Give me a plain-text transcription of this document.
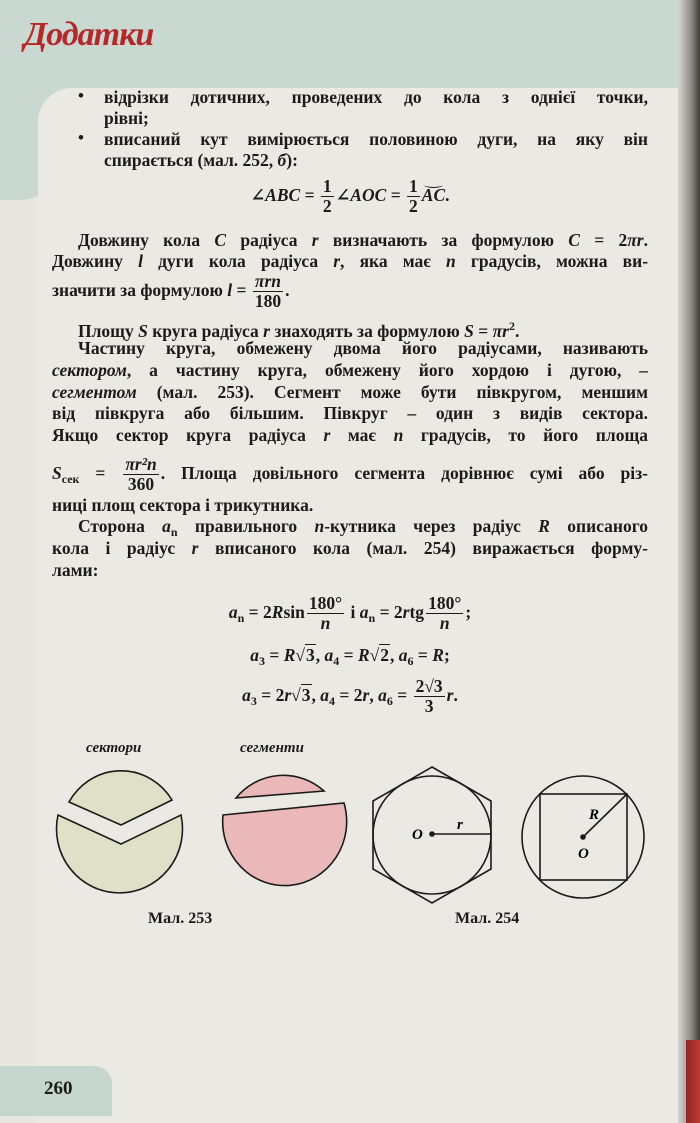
Додатки
• відрізки дотичних, проведених до кола з однієї точки,
рівні;
• вписаний кут вимірюється половиною дуги, на яку він
спирається (мал. 252, б):
∠ABC = $\frac{1}{2}$ ∠AOC = $\frac{1}{2}$ AC.
Довжину кола C радіуса r визначають за формулою C = 2πr.
Довжину l дуги кола радіуса r, яка має n градусів, можна ви-
значити за формулою $l = \frac{\text{πrn}}{180}$ .
Площу S круга радіуса r знаходять за формулою $S = \pi r^2$.
Частину круга, обмежену двома його радіусами, називають
сектором, а частину круга, обмежену його хордою і дугою, –
сегментом (мал. 253). Сегмент може бути півкругом, меншим
від півкруга або більшим. Півкруг – один з видів сектора.
Якщо сектор круга радіуса r має n градусів, то його площа
$S_{сек} = \frac{\text{πr²n}}{360}$ . Площа довільного сегмента дорівнює сумі або різ-
ниці площ сектора і трикутника.
Сторона $a_n$ правильного n-кутника через радіус R описаного
кола і радіус r вписаного кола (мал. 254) виражається форму-
лами:
$a_n = 2Rsin \frac{180^\circ}{n}$ і $a_n = 2rtg \frac{180^\circ}{n}$ ;
$a_3 = R√3$, $a_4 = R√2$, $a_6 = R$;
$a_3 = 2r√3$, $a_4 = 2r$, $a_6 = \frac{2√3}{3} r$.
O
r
R
O
сектори	сегменти
Мал. 253	Мал. 254
260
